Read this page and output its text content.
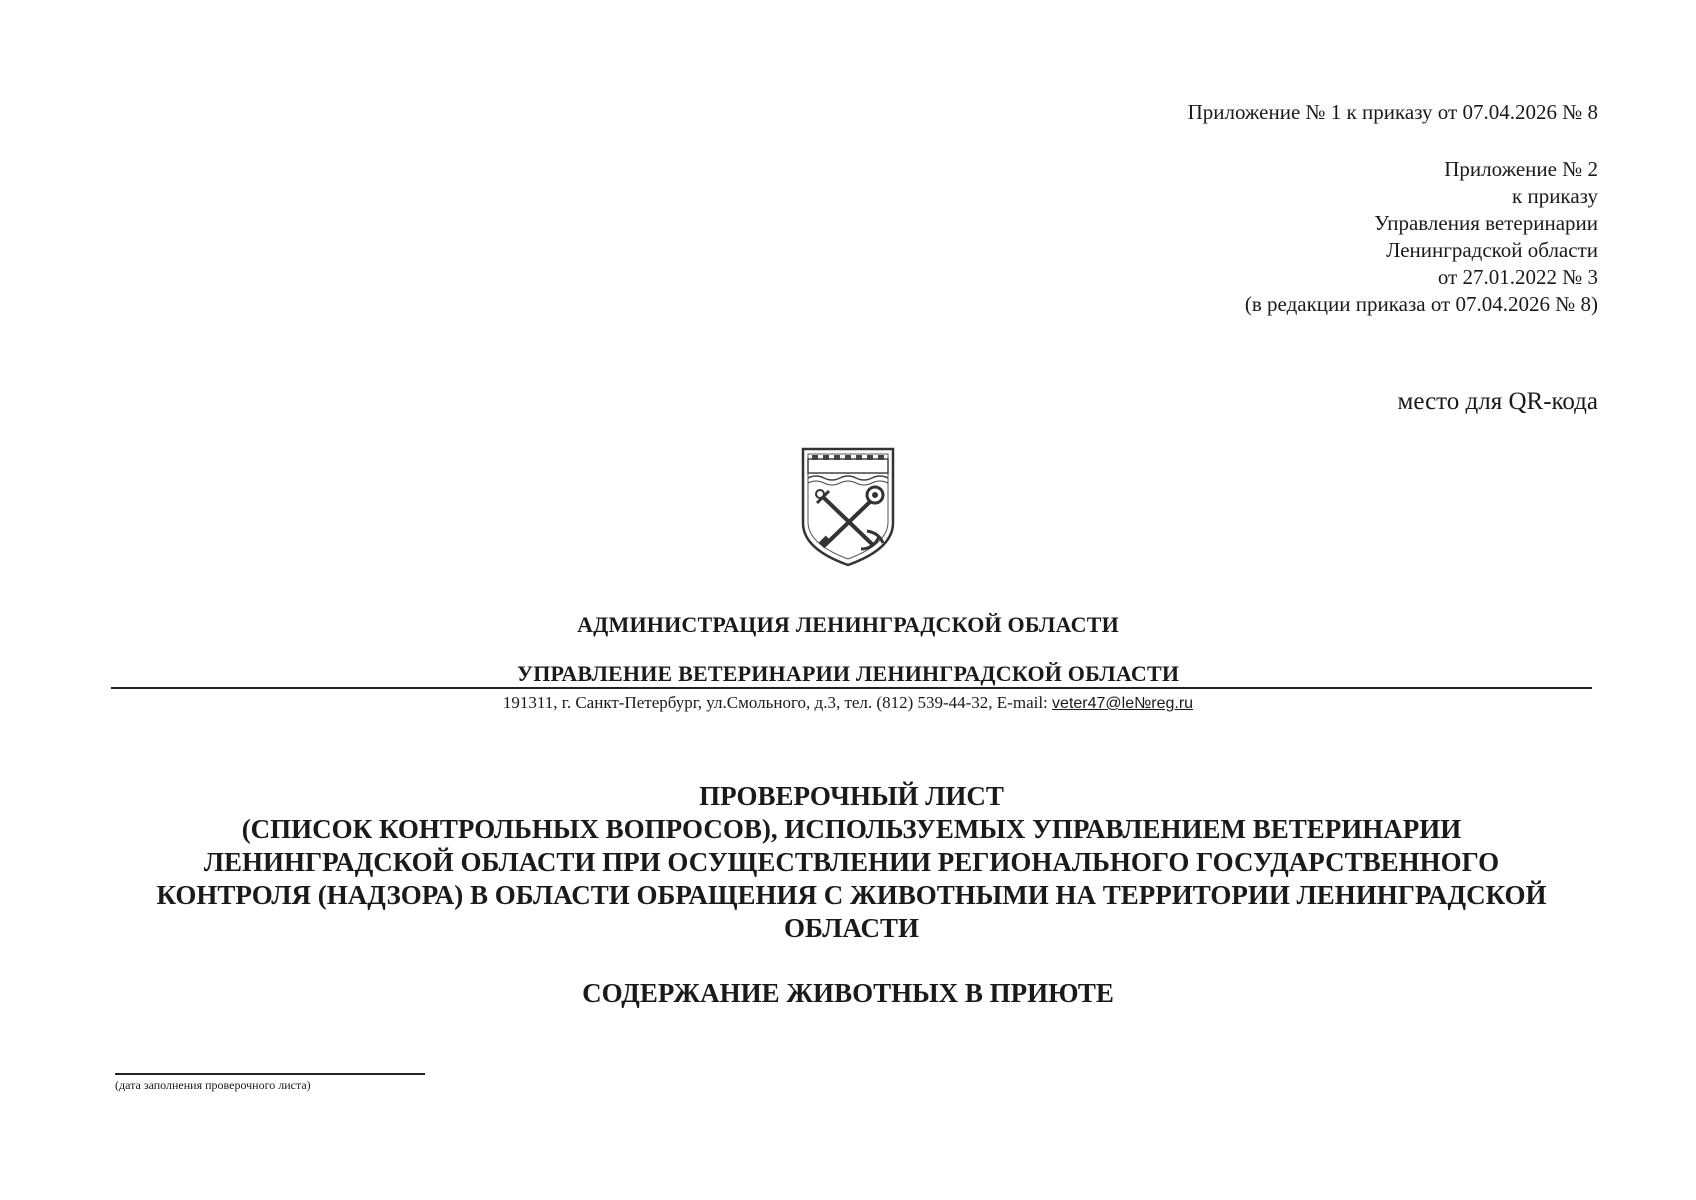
Приложение № 1 к приказу от 07.04.2026 № 8
Приложение № 2
к приказу
Управления ветеринарии
Ленинградской области
от 27.01.2022 № 3
(в редакции приказа от 07.04.2026 № 8)
место для QR-кода
АДМИНИСТРАЦИЯ ЛЕНИНГРАДСКОЙ ОБЛАСТИ
УПРАВЛЕНИЕ ВЕТЕРИНАРИИ ЛЕНИНГРАДСКОЙ ОБЛАСТИ
191311, г. Санкт-Петербург, ул.Смольного, д.3, тел. (812) 539-44-32, E-mail: veter47@le№reg.ru
ПРОВЕРОЧНЫЙ ЛИСТ
(СПИСОК КОНТРОЛЬНЫХ ВОПРОСОВ), ИСПОЛЬЗУЕМЫХ УПРАВЛЕНИЕМ ВЕТЕРИНАРИИ
ЛЕНИНГРАДСКОЙ ОБЛАСТИ ПРИ ОСУЩЕСТВЛЕНИИ РЕГИОНАЛЬНОГО ГОСУДАРСТВЕННОГО
КОНТРОЛЯ (НАДЗОРА) В ОБЛАСТИ ОБРАЩЕНИЯ С ЖИВОТНЫМИ НА ТЕРРИТОРИИ ЛЕНИНГРАДСКОЙ
ОБЛАСТИ
СОДЕРЖАНИЕ ЖИВОТНЫХ В ПРИЮТЕ
(дата заполнения проверочного листа)
